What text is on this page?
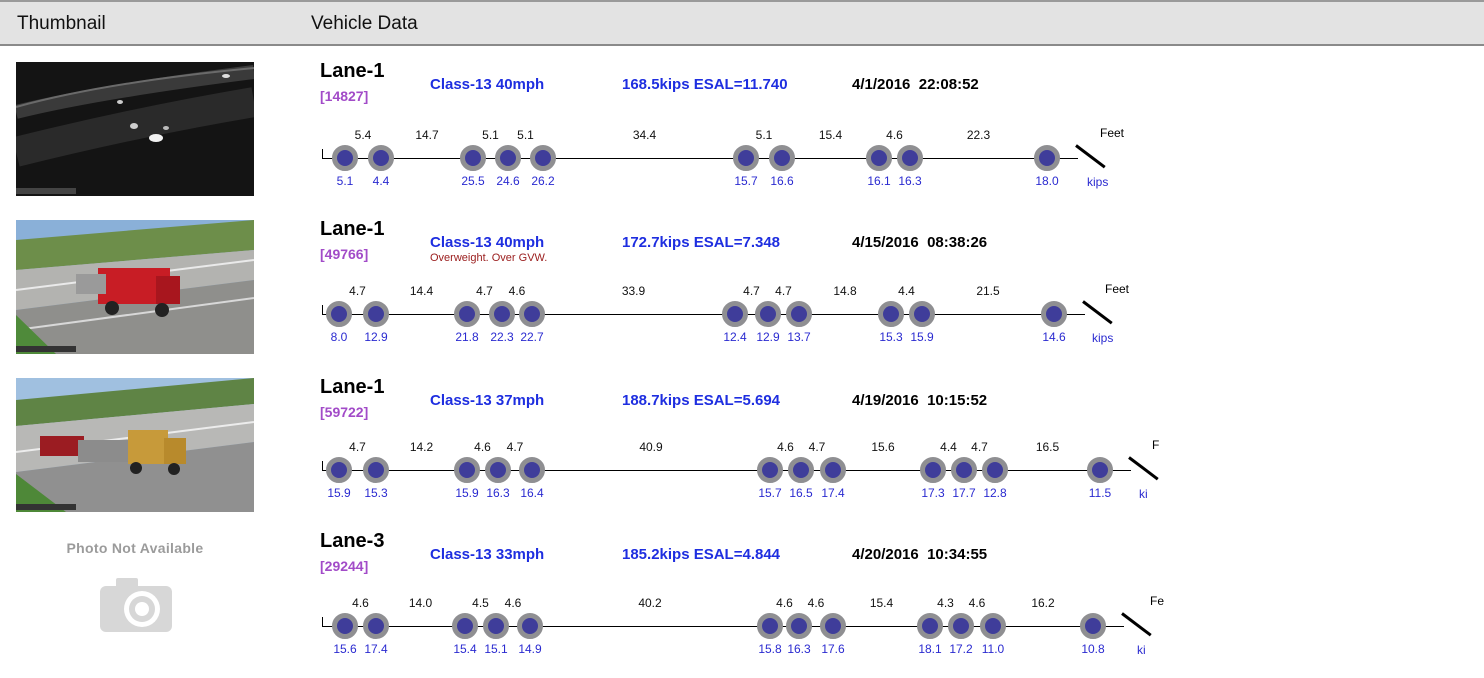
Thumbnail	Vehicle Data
Lane-1
[14827]
Class-13 40mph	168.5kips ESAL=11.740	4/1/2016 22:08:52
5.1 4.4	25.5 24.6 26.2	15.7 16.6	16.1 16.3	18.0
5.4	14.7	5.1 5.1	34.4	5.1	15.4	4.6	22.3	Feet
kips
Lane-1
[49766]
Class-13 40mph
Overweight. Over GVW.
172.7kips ESAL=7.348	4/15/2016 08:38:26
8.0 12.9	21.8 22.3 22.7	12.4 12.9 13.7	15.3 15.9	14.6
4.7	14.4	4.7 4.6	33.9	4.7 4.7	14.8	4.4	21.5	Feet
kips
Lane-1
[59722]
Class-13 37mph	188.7kips ESAL=5.694	4/19/2016 10:15:52
15.9 15.3	15.9 16.3 16.4	15.7 16.5 17.4	17.3 17.7 12.8	11.5
4.7	14.2	4.6 4.7	40.9	4.6 4.7	15.6	4.4 4.7	16.5	F
ki
Photo Not Available	Lane-3
[29244]
Class-13 33mph	185.2kips ESAL=4.844	4/20/2016 10:34:55
15.6 17.4	15.4 15.1 14.9	15.8 16.3 17.6	18.1 17.2 11.0	10.8
4.6	14.0	4.5 4.6	40.2	4.6 4.6	15.4	4.3 4.6	16.2	Fe
ki
